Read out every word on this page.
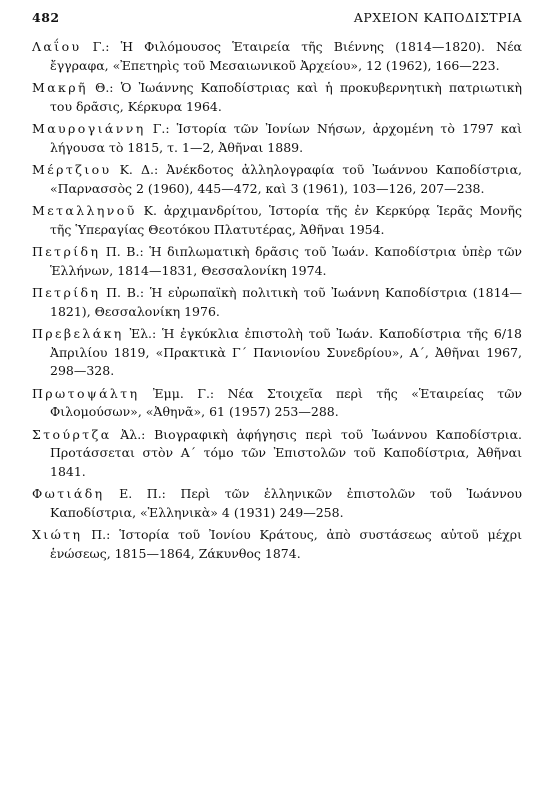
482	ΑΡΧΕΙΟΝ ΚΑΠΟΔΙΣΤΡΙΑ
Λαΐου Γ.: Ἡ Φιλόμουσος Ἑταιρεία τῆς Βιέννης (1814—1820). Νέα ἔγγραφα, «Ἐπετηρὶς τοῦ Μεσαιωνικοῦ Ἀρχείου», 12 (1962), 166—223.
Μακρῆ Θ.: Ὁ Ἰωάννης Καποδίστριας καὶ ἡ προκυβερνητικὴ πατριωτικὴ του δρᾶσις, Κέρκυρα 1964.
Μαυρογιάννη Γ.: Ἱστορία τῶν Ἰονίων Νήσων, ἀρχομένη τὸ 1797 καὶ λήγουσα τὸ 1815, τ. 1—2, Ἀθῆναι 1889.
Μέρτζιου Κ. Δ.: Ἀνέκδοτος ἀλληλογραφία τοῦ Ἰωάννου Καποδίστρια, «Παρνασσὸς 2 (1960), 445—472, καὶ 3 (1961), 103—126, 207—238.
Μεταλληνοῦ Κ. ἀρχιμανδρίτου, Ἱστορία τῆς ἐν Κερκύρᾳ Ἱερᾶς Μονῆς τῆς Ὑπεραγίας Θεοτόκου Πλατυτέρας, Ἀθῆναι 1954.
Πετρίδη Π. Β.: Ἡ διπλωματικὴ δρᾶσις τοῦ Ἰωάν. Καποδίστρια ὑπὲρ τῶν Ἑλλήνων, 1814—1831, Θεσσαλονίκη 1974.
Πετρίδη Π. Β.: Ἡ εὐρωπαϊκὴ πολιτικὴ τοῦ Ἰωάννη Καποδίστρια (1814—1821), Θεσσαλονίκη 1976.
Πρεβελάκη Ἐλ.: Ἡ ἐγκύκλια ἐπιστολὴ τοῦ Ἰωάν. Καποδίστρια τῆς 6/18 Ἀπριλίου 1819, «Πρακτικὰ Γ΄ Πανιονίου Συνεδρίου», Α΄, Ἀθῆναι 1967, 298—328.
Πρωτοψάλτη Ἐμμ. Γ.: Νέα Στοιχεῖα περὶ τῆς «Ἑταιρείας τῶν Φιλομούσων», «Ἀθηνᾶ», 61 (1957) 253—288.
Στούρτζα Ἀλ.: Βιογραφικὴ ἀφήγησις περὶ τοῦ Ἰωάννου Καποδίστρια. Προτάσσεται στὸν Α΄ τόμο τῶν Ἐπιστολῶν τοῦ Καποδίστρια, Ἀθῆναι 1841.
Φωτιάδη Ε. Π.: Περὶ τῶν ἑλληνικῶν ἐπιστολῶν τοῦ Ἰωάννου Καποδίστρια, «Ἑλληνικὰ» 4 (1931) 249—258.
Χιώτη Π.: Ἱστορία τοῦ Ἰονίου Κράτους, ἀπὸ συστάσεως αὐτοῦ μέχρι ἑνώσεως, 1815—1864, Ζάκυνθος 1874.
